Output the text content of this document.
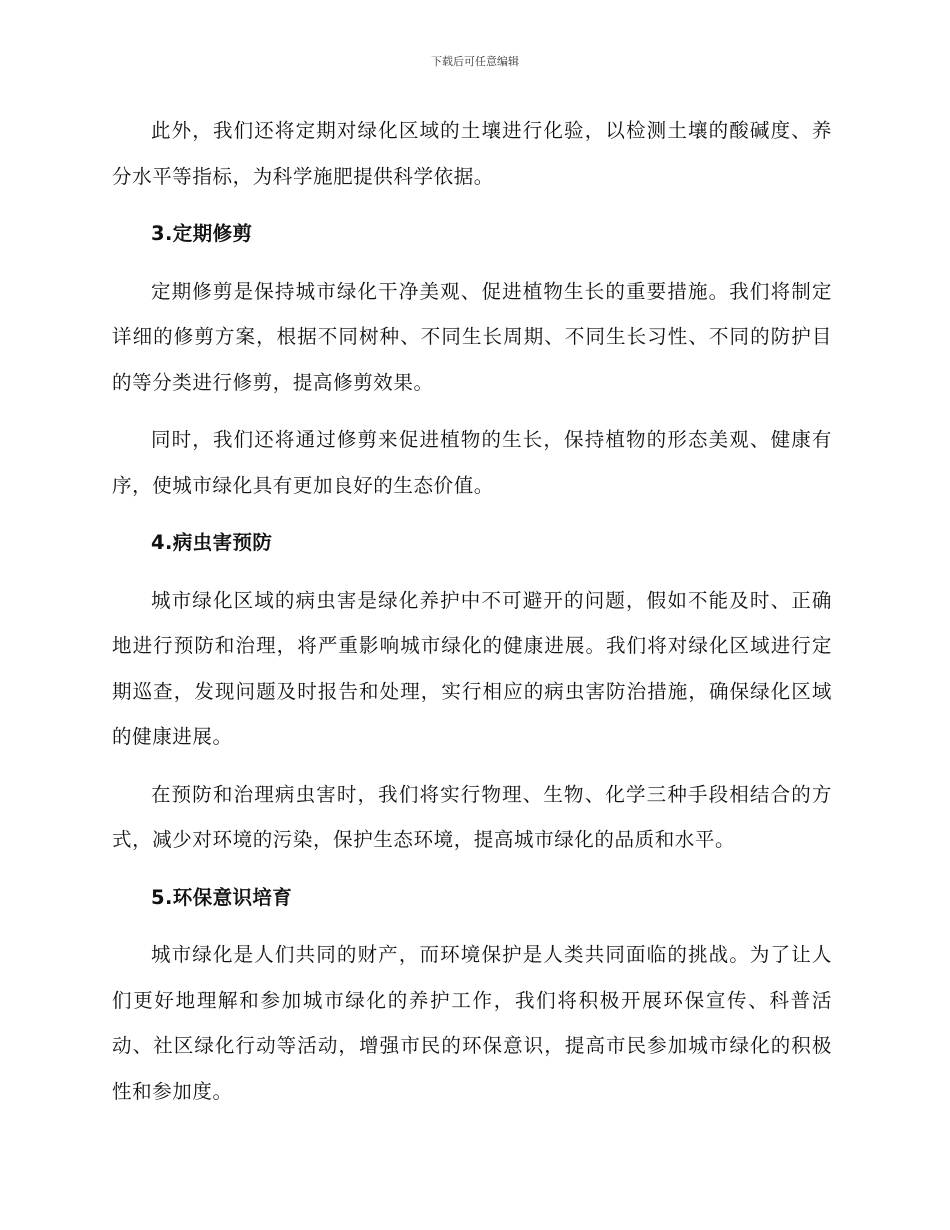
下载后可任意编辑

此外，我们还将定期对绿化区域的土壤进行化验，以检测土壤的酸碱度、养分水平等指标，为科学施肥提供科学依据。

3.定期修剪

定期修剪是保持城市绿化干净美观、促进植物生长的重要措施。我们将制定详细的修剪方案，根据不同树种、不同生长周期、不同生长习性、不同的防护目的等分类进行修剪，提高修剪效果。

同时，我们还将通过修剪来促进植物的生长，保持植物的形态美观、健康有序，使城市绿化具有更加良好的生态价值。

4.病虫害预防

城市绿化区域的病虫害是绿化养护中不可避开的问题，假如不能及时、正确地进行预防和治理，将严重影响城市绿化的健康进展。我们将对绿化区域进行定期巡查，发现问题及时报告和处理，实行相应的病虫害防治措施，确保绿化区域的健康进展。

在预防和治理病虫害时，我们将实行物理、生物、化学三种手段相结合的方式，减少对环境的污染，保护生态环境，提高城市绿化的品质和水平。

5.环保意识培育

城市绿化是人们共同的财产，而环境保护是人类共同面临的挑战。为了让人们更好地理解和参加城市绿化的养护工作，我们将积极开展环保宣传、科普活动、社区绿化行动等活动，增强市民的环保意识，提高市民参加城市绿化的积极性和参加度。
